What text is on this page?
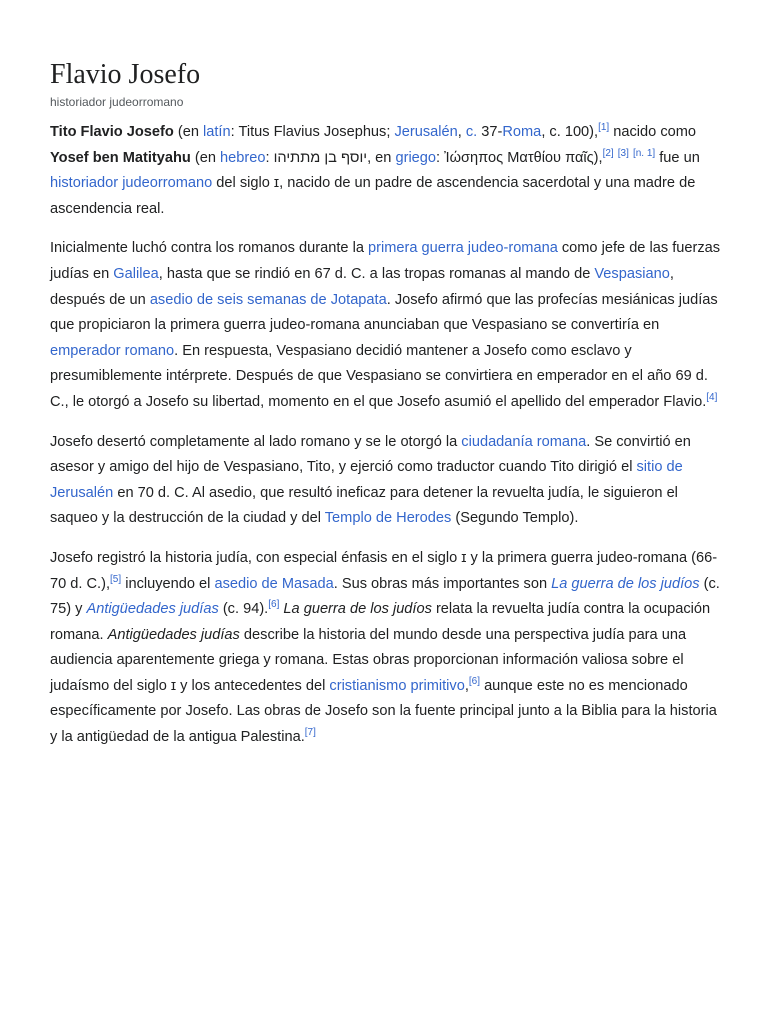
Flavio Josefo
historiador judeorromano

Tito Flavio Josefo (en latín: Titus Flavius Josephus; Jerusalén, c. 37-Roma, c. 100),[1] nacido como Yosef ben Matityahu (en hebreo: יוסף בן מתתיהו‎, en griego: Ἰώσηπος Ματθίου παῖς),[2] [3] [n. 1] fue un historiador judeorromano del siglo ɪ, nacido de un padre de ascendencia sacerdotal y una madre de ascendencia real.

Inicialmente luchó contra los romanos durante la primera guerra judeo-romana como jefe de las fuerzas judías en Galilea, hasta que se rindió en 67 d. C. a las tropas romanas al mando de Vespasiano, después de un asedio de seis semanas de Jotapata. Josefo afirmó que las profecías mesiánicas judías que propiciaron la primera guerra judeo-romana anunciaban que Vespasiano se convertiría en emperador romano. En respuesta, Vespasiano decidió mantener a Josefo como esclavo y presumiblemente intérprete. Después de que Vespasiano se convirtiera en emperador en el año 69 d. C., le otorgó a Josefo su libertad, momento en el que Josefo asumió el apellido del emperador Flavio.[4]

Josefo desertó completamente al lado romano y se le otorgó la ciudadanía romana. Se convirtió en asesor y amigo del hijo de Vespasiano, Tito, y ejerció como traductor cuando Tito dirigió el sitio de Jerusalén en 70 d. C. Al asedio, que resultó ineficaz para detener la revuelta judía, le siguieron el saqueo y la destrucción de la ciudad y del Templo de Herodes (Segundo Templo).

Josefo registró la historia judía, con especial énfasis en el siglo ɪ y la primera guerra judeo-romana (66-70 d. C.),[5] incluyendo el asedio de Masada. Sus obras más importantes son La guerra de los judíos (c. 75) y Antigüedades judías (c. 94).[6] La guerra de los judíos relata la revuelta judía contra la ocupación romana. Antigüedades judías describe la historia del mundo desde una perspectiva judía para una audiencia aparentemente griega y romana. Estas obras proporcionan información valiosa sobre el judaísmo del siglo ɪ y los antecedentes del cristianismo primitivo,[6] aunque este no es mencionado específicamente por Josefo. Las obras de Josefo son la fuente principal junto a la Biblia para la historia y la antigüedad de la antigua Palestina.[7]
